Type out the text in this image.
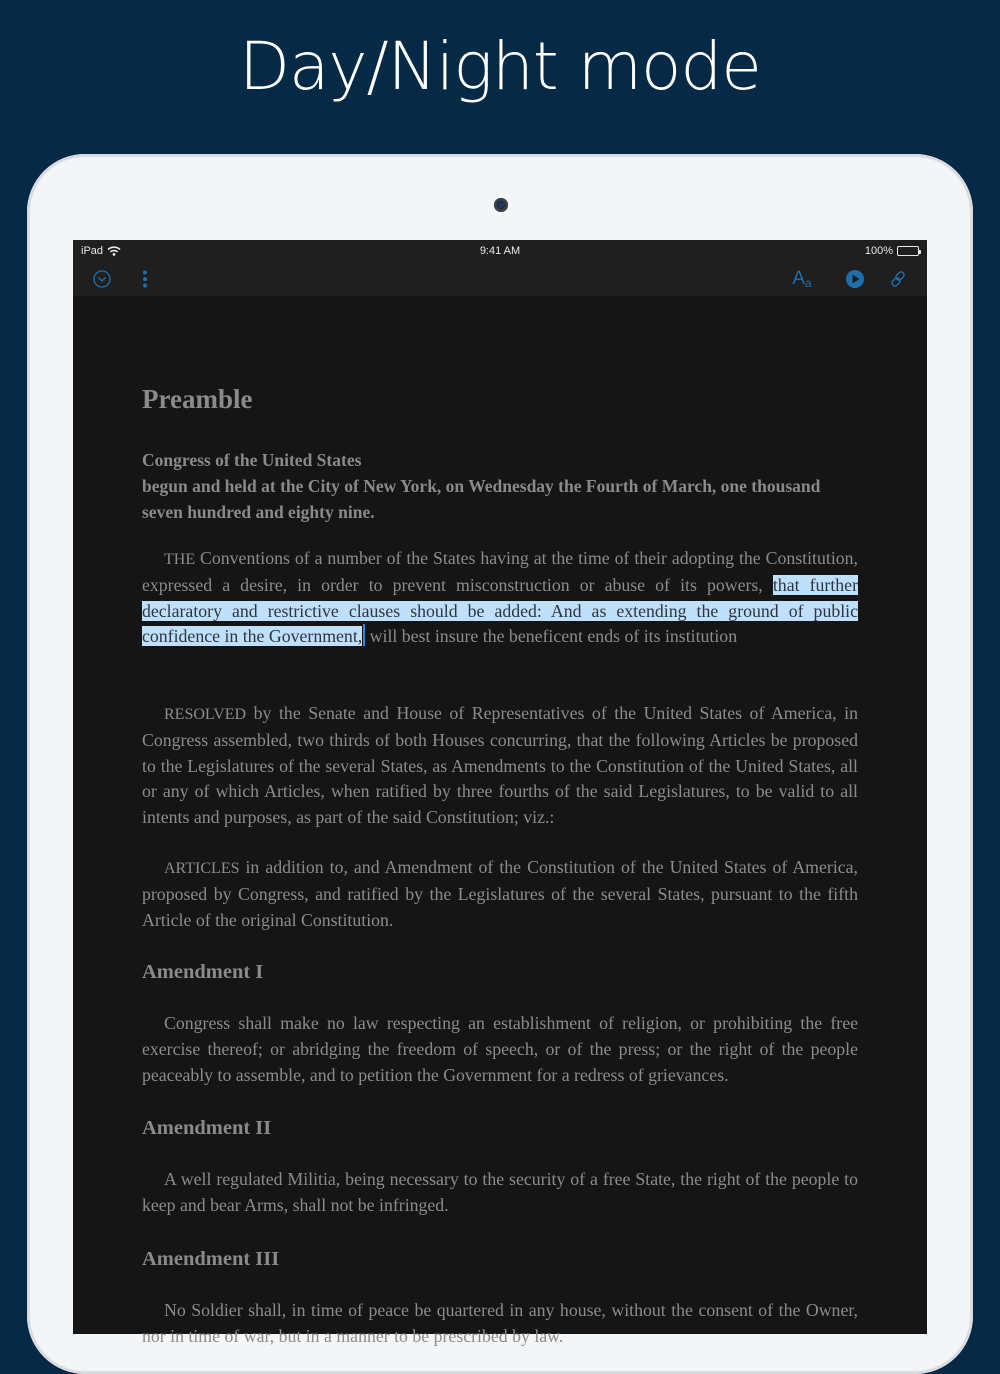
Day/Night mode
iPad	9:41 AM	100%
Aa
Preamble
Congress of the United States
begun and held at the City of New York, on Wednesday the Fourth of March, one thousand seven hundred and eighty nine.
THE Conventions of a number of the States having at the time of their adopting the Constitution, expressed a desire, in order to prevent misconstruction or abuse of its powers, that further declaratory and restrictive clauses should be added: And as extending the ground of public confidence in the Government, will best insure the beneficent ends of its institution
RESOLVED by the Senate and House of Representatives of the United States of America, in Congress assembled, two thirds of both Houses concurring, that the following Articles be proposed to the Legislatures of the several States, as Amendments to the Constitution of the United States, all or any of which Articles, when ratified by three fourths of the said Legislatures, to be valid to all intents and purposes, as part of the said Constitution; viz.:
ARTICLES in addition to, and Amendment of the Constitution of the United States of America, proposed by Congress, and ratified by the Legislatures of the several States, pursuant to the fifth Article of the original Constitution.
Amendment I
Congress shall make no law respecting an establishment of religion, or prohibiting the free exercise thereof; or abridging the freedom of speech, or of the press; or the right of the people peaceably to assemble, and to petition the Government for a redress of grievances.
Amendment II
A well regulated Militia, being necessary to the security of a free State, the right of the people to keep and bear Arms, shall not be infringed.
Amendment III
No Soldier shall, in time of peace be quartered in any house, without the consent of the Owner, nor in time of war, but in a manner to be prescribed by law.
